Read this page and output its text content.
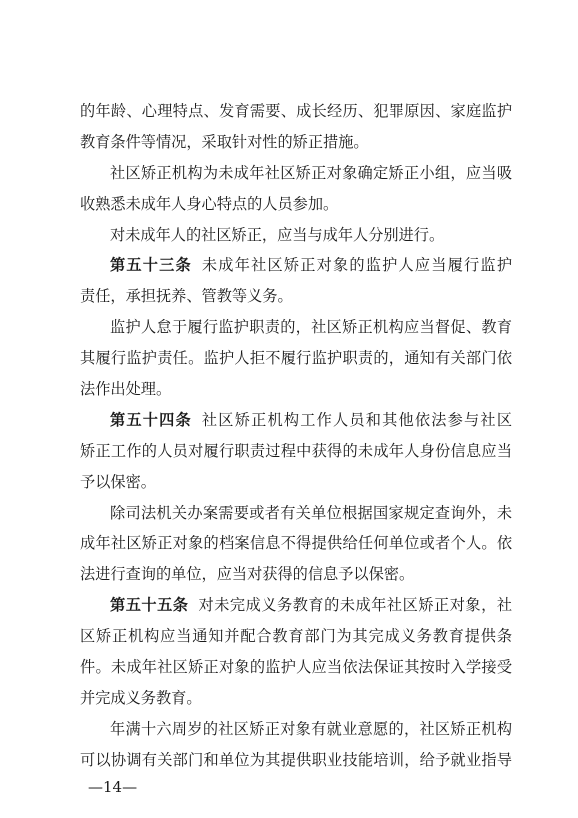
的年龄、心理特点、发育需要、成长经历、犯罪原因、家庭监护
教育条件等情况，采取针对性的矫正措施。
社区矫正机构为未成年社区矫正对象确定矫正小组，应当吸
收熟悉未成年人身心特点的人员参加。
对未成年人的社区矫正，应当与成年人分别进行。
第五十三条 未成年社区矫正对象的监护人应当履行监护
责任，承担抚养、管教等义务。
监护人怠于履行监护职责的，社区矫正机构应当督促、教育
其履行监护责任。监护人拒不履行监护职责的，通知有关部门依
法作出处理。
第五十四条 社区矫正机构工作人员和其他依法参与社区
矫正工作的人员对履行职责过程中获得的未成年人身份信息应当
予以保密。
除司法机关办案需要或者有关单位根据国家规定查询外，未
成年社区矫正对象的档案信息不得提供给任何单位或者个人。依
法进行查询的单位，应当对获得的信息予以保密。
第五十五条 对未完成义务教育的未成年社区矫正对象，社
区矫正机构应当通知并配合教育部门为其完成义务教育提供条
件。未成年社区矫正对象的监护人应当依法保证其按时入学接受
并完成义务教育。
年满十六周岁的社区矫正对象有就业意愿的，社区矫正机构
可以协调有关部门和单位为其提供职业技能培训，给予就业指导
—14—
